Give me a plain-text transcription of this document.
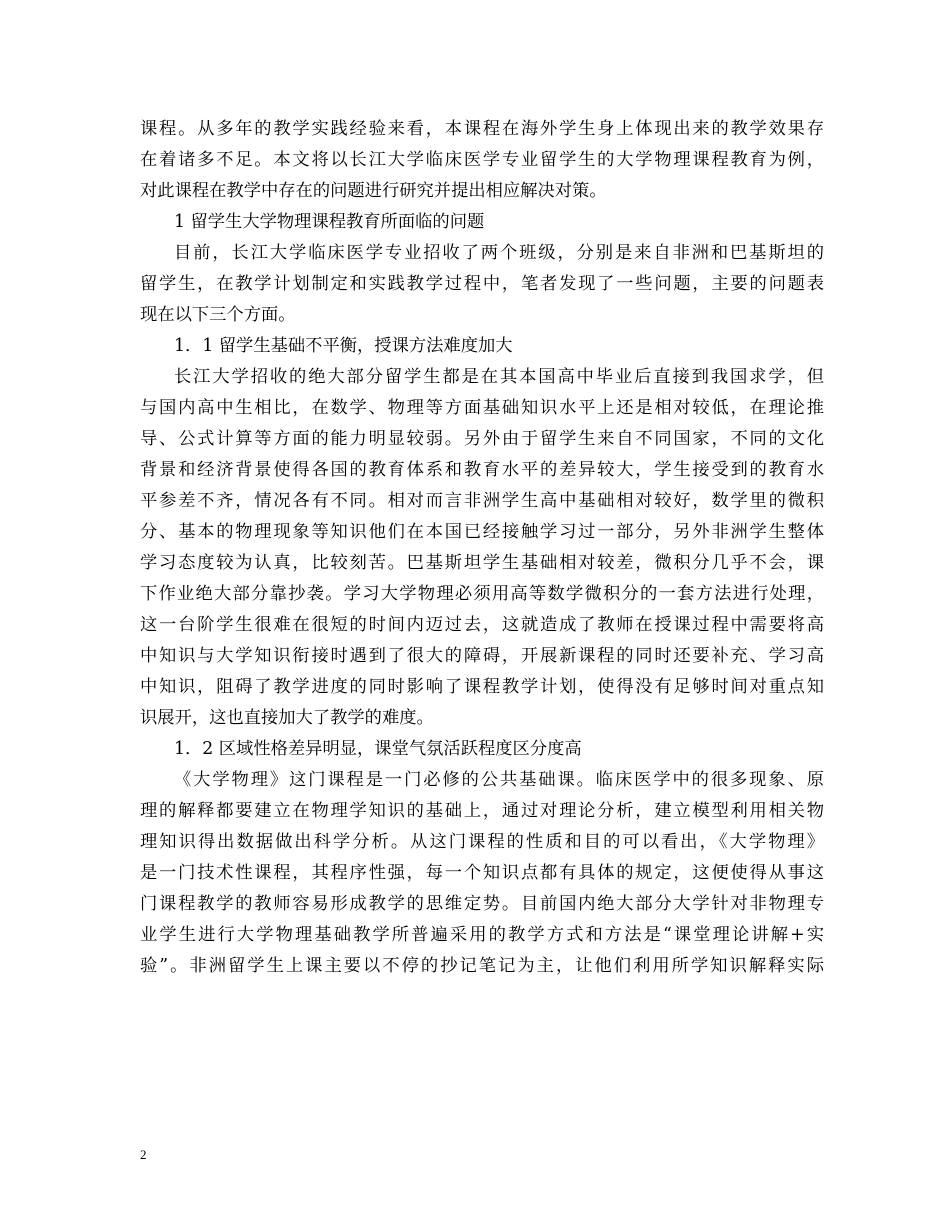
课程。从多年的教学实践经验来看，本课程在海外学生身上体现出来的教学效果存
在着诸多不足。本文将以长江大学临床医学专业留学生的大学物理课程教育为例，
对此课程在教学中存在的问题进行研究并提出相应解决对策。
1 留学生大学物理课程教育所面临的问题
目前，长江大学临床医学专业招收了两个班级，分别是来自非洲和巴基斯坦的
留学生，在教学计划制定和实践教学过程中，笔者发现了一些问题，主要的问题表
现在以下三个方面。
1．1 留学生基础不平衡，授课方法难度加大
长江大学招收的绝大部分留学生都是在其本国高中毕业后直接到我国求学，但
与国内高中生相比，在数学、物理等方面基础知识水平上还是相对较低，在理论推
导、公式计算等方面的能力明显较弱。另外由于留学生来自不同国家，不同的文化
背景和经济背景使得各国的教育体系和教育水平的差异较大，学生接受到的教育水
平参差不齐，情况各有不同。相对而言非洲学生高中基础相对较好，数学里的微积
分、基本的物理现象等知识他们在本国已经接触学习过一部分，另外非洲学生整体
学习态度较为认真，比较刻苦。巴基斯坦学生基础相对较差，微积分几乎不会，课
下作业绝大部分靠抄袭。学习大学物理必须用高等数学微积分的一套方法进行处理，
这一台阶学生很难在很短的时间内迈过去，这就造成了教师在授课过程中需要将高
中知识与大学知识衔接时遇到了很大的障碍，开展新课程的同时还要补充、学习高
中知识，阻碍了教学进度的同时影响了课程教学计划，使得没有足够时间对重点知
识展开，这也直接加大了教学的难度。
1．2 区域性格差异明显，课堂气氛活跃程度区分度高
《大学物理》这门课程是一门必修的公共基础课。临床医学中的很多现象、原
理的解释都要建立在物理学知识的基础上，通过对理论分析，建立模型利用相关物
理知识得出数据做出科学分析。从这门课程的性质和目的可以看出，《大学物理》
是一门技术性课程，其程序性强，每一个知识点都有具体的规定，这便使得从事这
门课程教学的教师容易形成教学的思维定势。目前国内绝大部分大学针对非物理专
业学生进行大学物理基础教学所普遍采用的教学方式和方法是“课堂理论讲解+实
验”。非洲留学生上课主要以不停的抄记笔记为主，让他们利用所学知识解释实际
2
